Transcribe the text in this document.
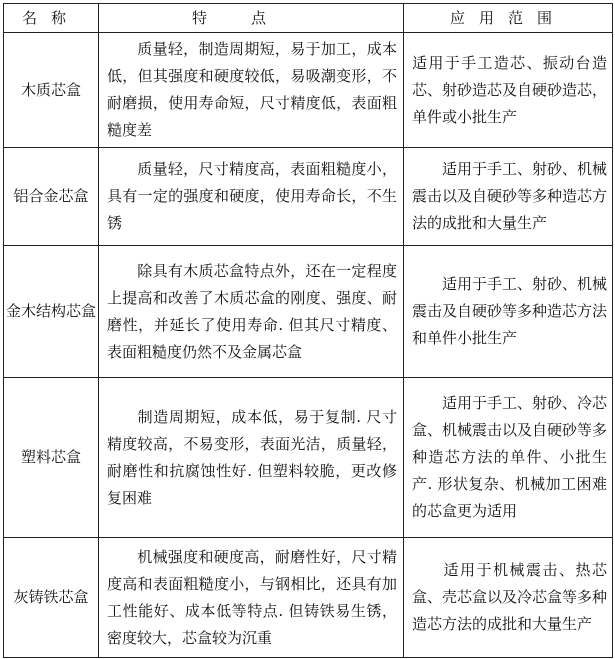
名称	特点	应用范围
木质芯盒	质量轻，制造周期短，易于加工，成本低，但其强度和硬度较低，易吸潮变形，不耐磨损，使用寿命短，尺寸精度低，表面粗糙度差	适用于手工造芯、振动台造芯、射砂造芯及自硬砂造芯，单件或小批生产
铝合金芯盒	质量轻，尺寸精度高，表面粗糙度小，具有一定的强度和硬度，使用寿命长，不生锈	适用于手工、射砂、机械震击以及自硬砂等多种造芯方法的成批和大量生产
金木结构芯盒	除具有木质芯盒特点外，还在一定程度上提高和改善了木质芯盒的刚度、强度、耐磨性，并延长了使用寿命. 但其尺寸精度、表面粗糙度仍然不及金属芯盒	适用于手工、射砂、机械震击及自硬砂等多种造芯方法和单件小批生产
塑料芯盒	制造周期短，成本低，易于复制. 尺寸精度较高，不易变形，表面光洁，质量轻，耐磨性和抗腐蚀性好. 但塑料较脆，更改修复困难	适用于手工、射砂、冷芯盒、机械震击以及自硬砂等多种造芯方法的单件、小批生产. 形状复杂、机械加工困难的芯盒更为适用
灰铸铁芯盒	机械强度和硬度高，耐磨性好，尺寸精度高和表面粗糙度小，与钢相比，还具有加工性能好、成本低等特点. 但铸铁易生锈，密度较大，芯盒较为沉重	适用于机械震击、热芯盒、壳芯盒以及冷芯盒等多种造芯方法的成批和大量生产
